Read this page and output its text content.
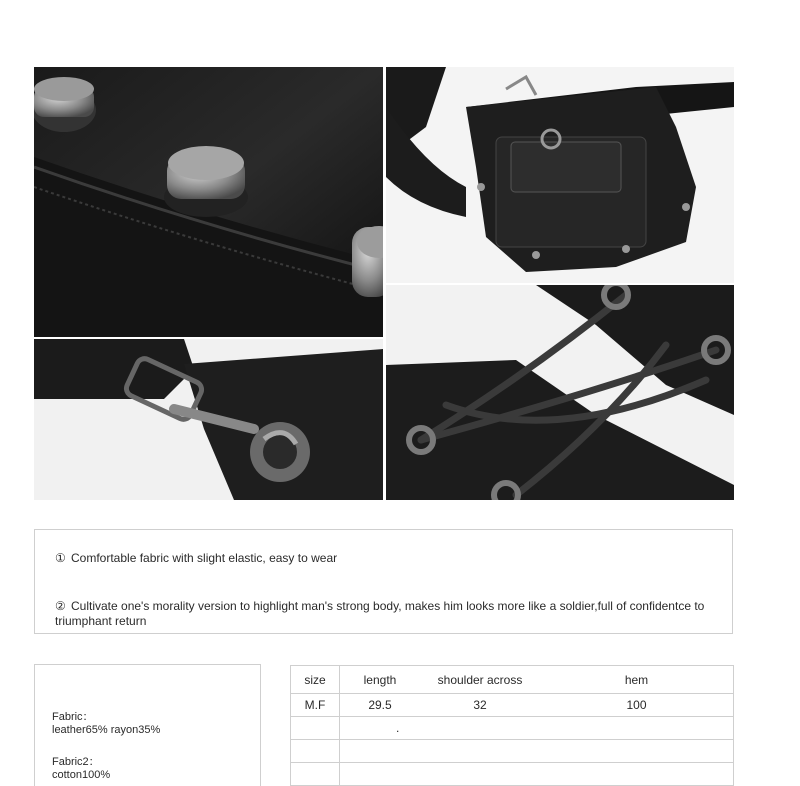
① Comfortable fabric with slight elastic, easy to wear
② Cultivate one's morality version to highlight man's strong body, makes him looks more like a soldier,full of confidentce to triumphant return
Fabric：
leather65% rayon35%
Fabric2：
cotton100%
size	length	shoulder across	hem
M.F	29.5	32	100
	.		
